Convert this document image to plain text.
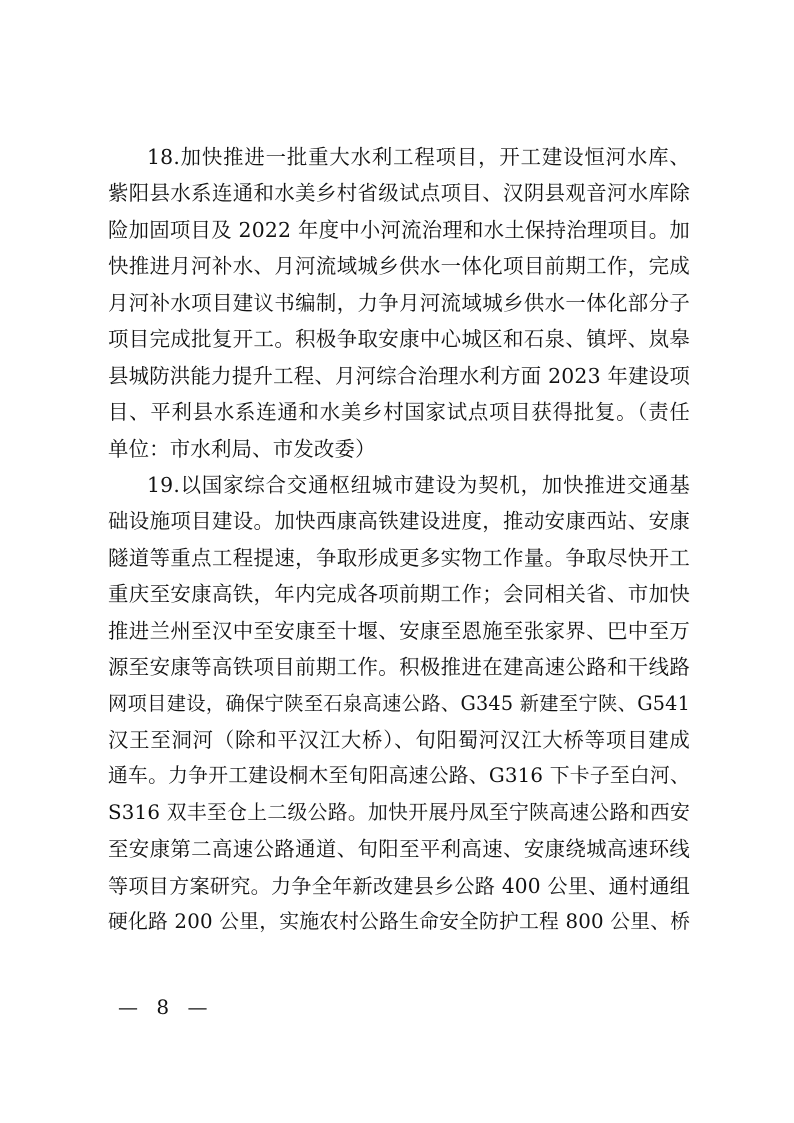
18.加快推进一批重大水利工程项目，开工建设恒河水库、
紫阳县水系连通和水美乡村省级试点项目、汉阴县观音河水库除
险加固项目及 2022 年度中小河流治理和水土保持治理项目。加
快推进月河补水、月河流域城乡供水一体化项目前期工作，完成
月河补水项目建议书编制，力争月河流域城乡供水一体化部分子
项目完成批复开工。积极争取安康中心城区和石泉、镇坪、岚皋
县城防洪能力提升工程、月河综合治理水利方面 2023 年建设项
目、平利县水系连通和水美乡村国家试点项目获得批复。（责任
单位：市水利局、市发改委）
19.以国家综合交通枢纽城市建设为契机，加快推进交通基
础设施项目建设。加快西康高铁建设进度，推动安康西站、安康
隧道等重点工程提速，争取形成更多实物工作量。争取尽快开工
重庆至安康高铁，年内完成各项前期工作；会同相关省、市加快
推进兰州至汉中至安康至十堰、安康至恩施至张家界、巴中至万
源至安康等高铁项目前期工作。积极推进在建高速公路和干线路
网项目建设，确保宁陕至石泉高速公路、G345 新建至宁陕、G541
汉王至洞河（除和平汉江大桥）、旬阳蜀河汉江大桥等项目建成
通车。力争开工建设桐木至旬阳高速公路、G316 下卡子至白河、
S316 双丰至仓上二级公路。加快开展丹凤至宁陕高速公路和西安
至安康第二高速公路通道、旬阳至平利高速、安康绕城高速环线
等项目方案研究。力争全年新改建县乡公路 400 公里、通村通组
硬化路 200 公里，实施农村公路生命安全防护工程 800 公里、桥
— 8 —
